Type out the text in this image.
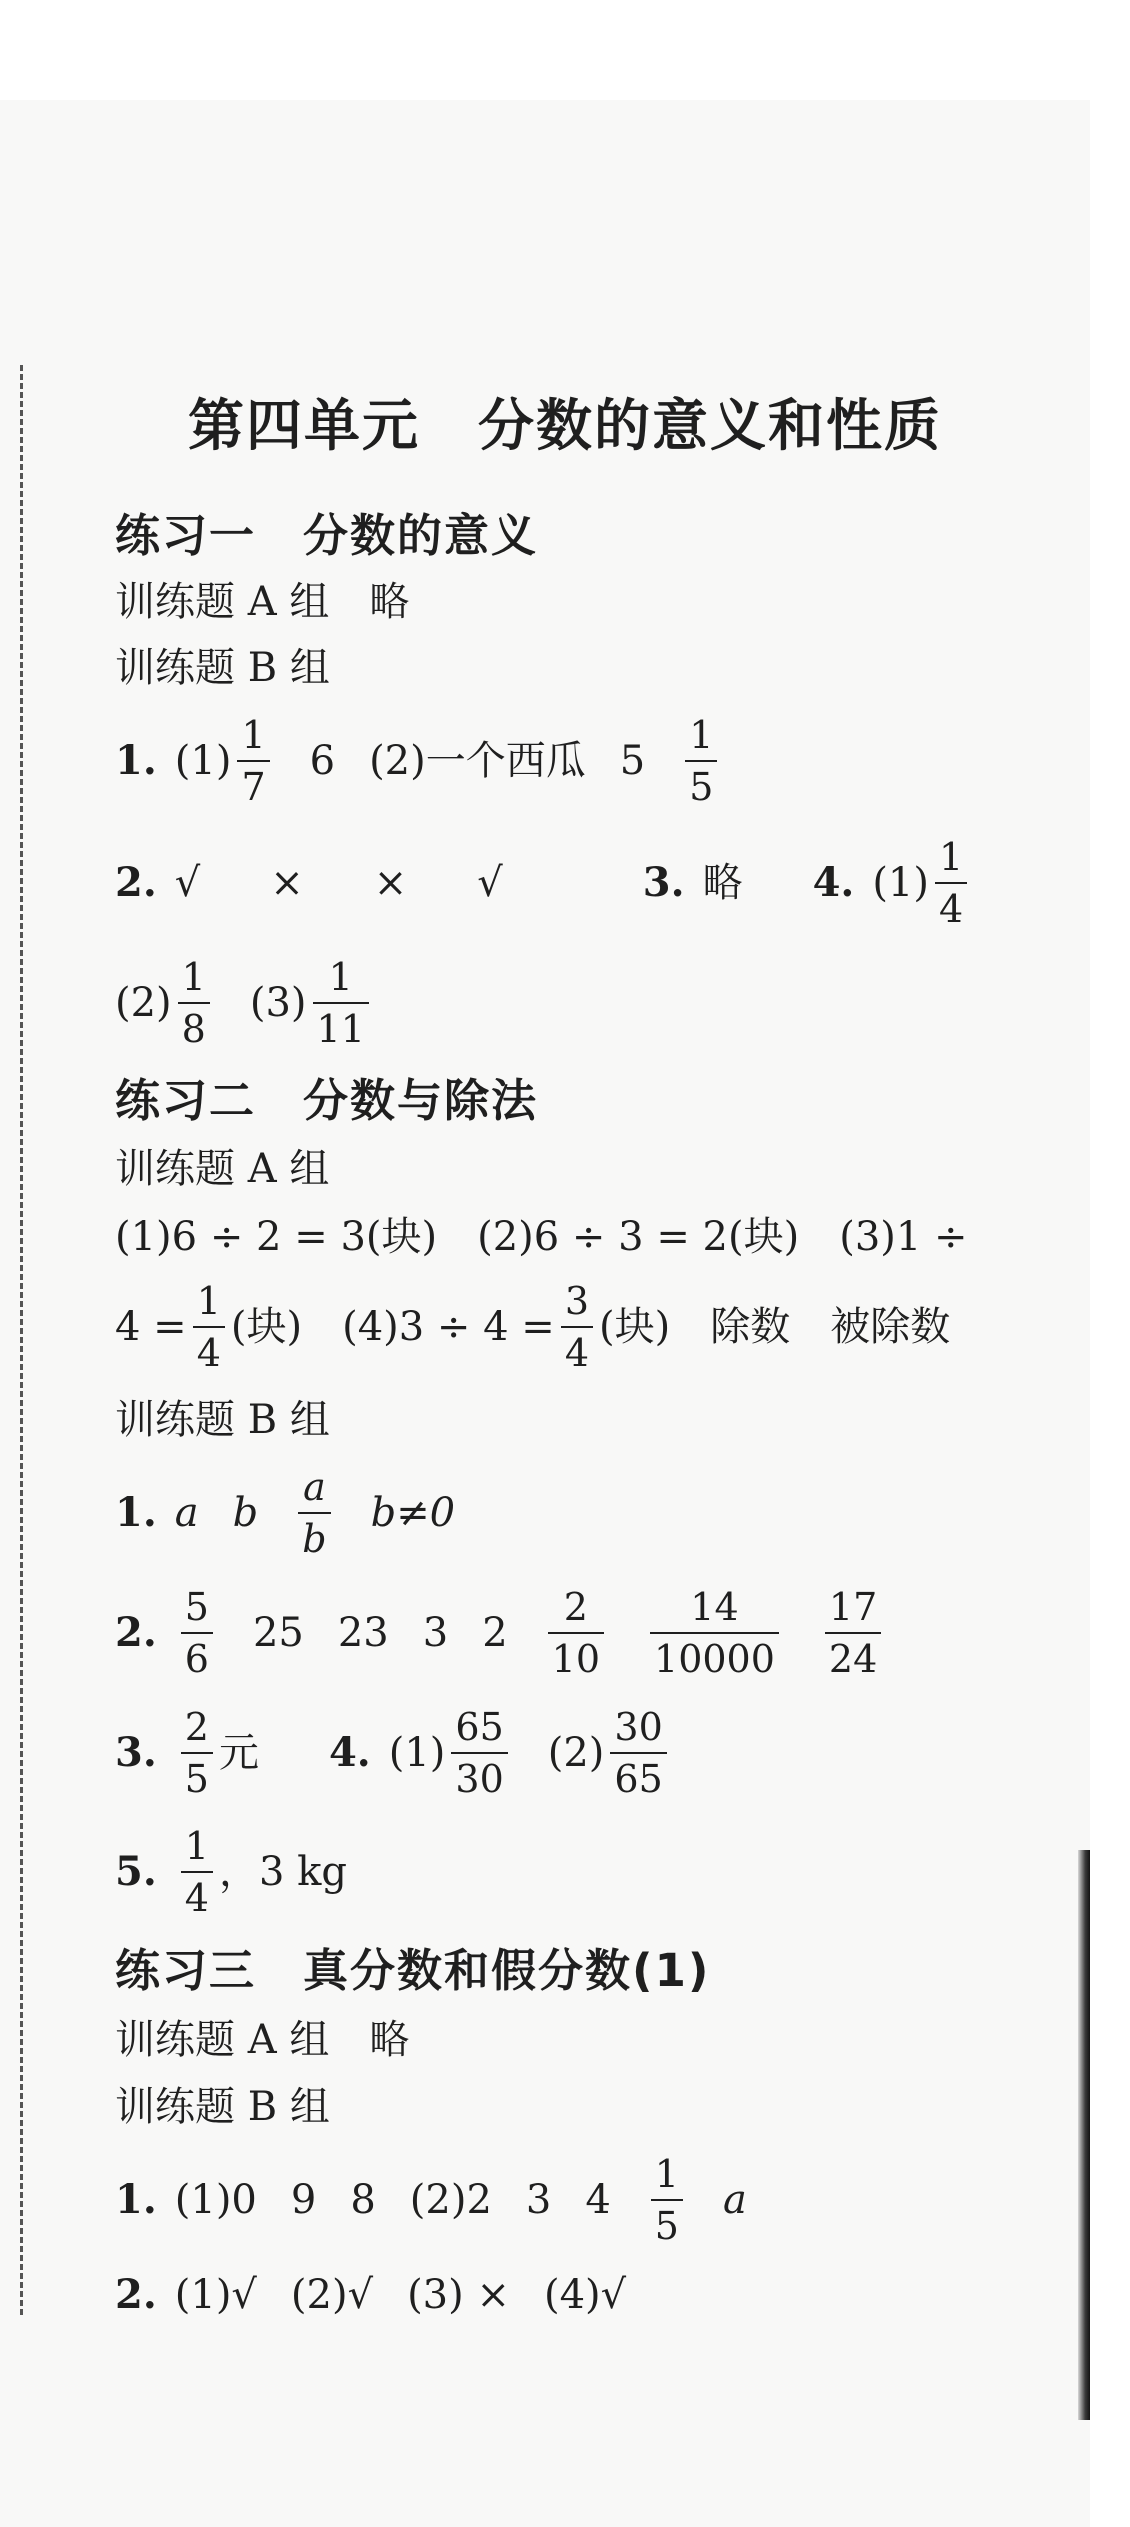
第四单元　分数的意义和性质
练习一　分数的意义
训练题 A 组　略
训练题 B 组
1. $(1) \frac{1}{7} 6$ (2)一个西瓜 $5 \frac{1}{5}$
2. √ × × √	3. 略 4. $(1) \frac{1}{4}$
$(2) \frac{1}{8} (3) \frac{1}{11}$
练习二　分数与除法
训练题 A 组
(1)6 ÷ 2 = 3(块)　(2)6 ÷ 3 = 2(块)　(3)1 ÷
$4 = \frac{1}{4}$ (块)　$(4)3 \div 4 = \frac{3}{4}$ (块)　除数　被除数
训练题 B 组
1. a b $\frac{a}{b} b\ne 0$
2. $\frac{5}{6} 25$ 23 3 $2 \frac{2}{10} \frac{14}{10000} \frac{17}{24}$
3. $\frac{2}{5}$ 元 4. $(1) \frac{65}{30} (2) \frac{30}{65}$
5. $\frac{1}{4}$ ，3 kg
练习三　真分数和假分数(1)
训练题 A 组　略
训练题 B 组
1. (1)0 9 8 (2)2 3 $4 \frac{1}{5}$ a
2. (1)√ (2)√ (3) × (4)√
